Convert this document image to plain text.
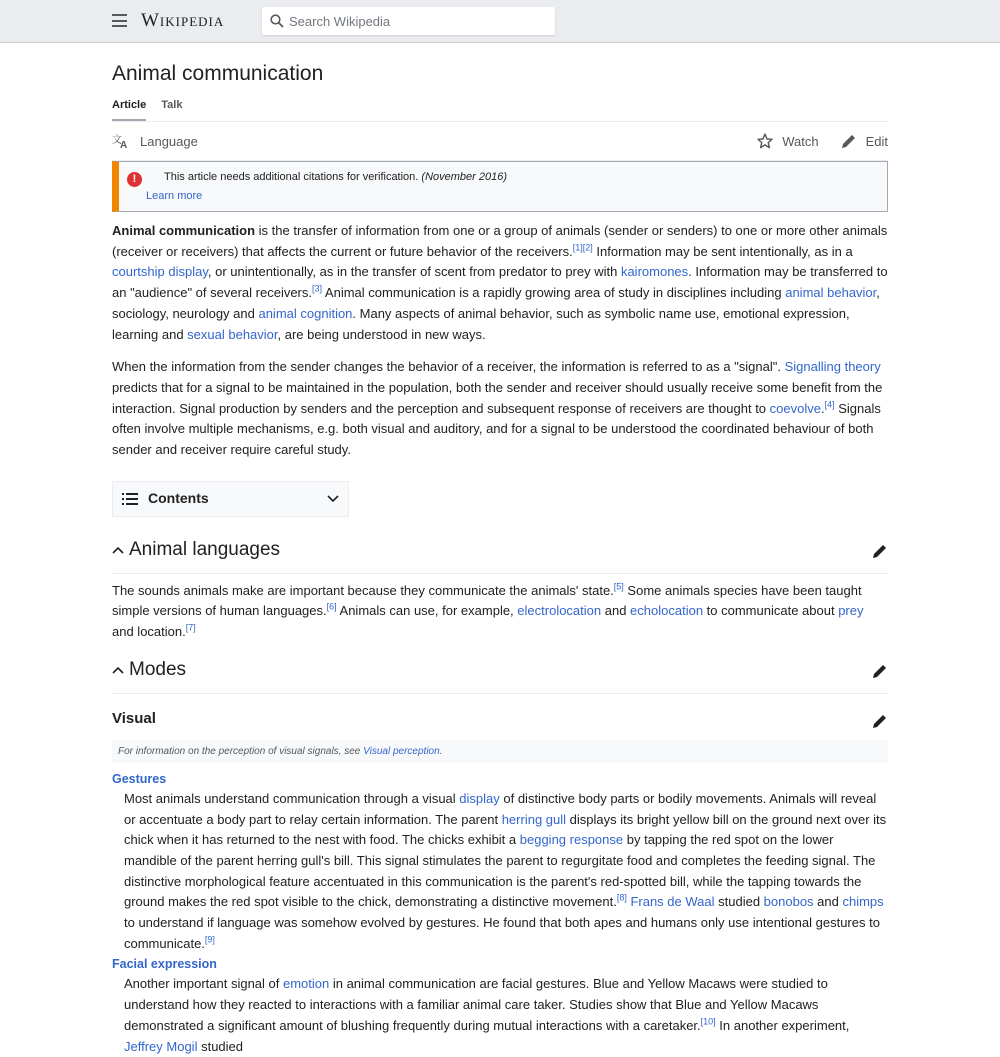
Wikipedia
Search Wikipedia
Animal communication
Article Talk
文
A Language	Watch	Edit
!	This article needs additional citations for verification. (November 2016)
Learn more

Animal communication is the transfer of information from one or a group of animals (sender or senders) to one or more other animals (receiver or receivers) that affects the current or future behavior of the receivers.[1][2] Information may be sent intentionally, as in a courtship display, or unintentionally, as in the transfer of scent from predator to prey with kairomones. Information may be transferred to an "audience" of several receivers.[3] Animal communication is a rapidly growing area of study in disciplines including animal behavior, sociology, neurology and animal cognition. Many aspects of animal behavior, such as symbolic name use, emotional expression, learning and sexual behavior, are being understood in new ways.

When the information from the sender changes the behavior of a receiver, the information is referred to as a "signal". Signalling theory predicts that for a signal to be maintained in the population, both the sender and receiver should usually receive some benefit from the interaction. Signal production by senders and the perception and subsequent response of receivers are thought to coevolve.[4] Signals often involve multiple mechanisms, e.g. both visual and auditory, and for a signal to be understood the coordinated behaviour of both sender and receiver require careful study.

Contents
Animal languages

The sounds animals make are important because they communicate the animals' state.[5] Some animals species have been taught simple versions of human languages.[6] Animals can use, for example, electrolocation and echolocation to communicate about prey and location.[7]

Modes
Visual
For information on the perception of visual signals, see Visual perception.
Gestures
Most animals understand communication through a visual display of distinctive body parts or bodily movements. Animals will reveal or accentuate a body part to relay certain information. The parent herring gull displays its bright yellow bill on the ground next over its chick when it has returned to the nest with food. The chicks exhibit a begging response by tapping the red spot on the lower mandible of the parent herring gull's bill. This signal stimulates the parent to regurgitate food and completes the feeding signal. The distinctive morphological feature accentuated in this communication is the parent's red-spotted bill, while the tapping towards the ground makes the red spot visible to the chick, demonstrating a distinctive movement.[8] Frans de Waal studied bonobos and chimps to understand if language was somehow evolved by gestures. He found that both apes and humans only use intentional gestures to communicate.[9]
Facial expression
Another important signal of emotion in animal communication are facial gestures. Blue and Yellow Macaws were studied to understand how they reacted to interactions with a familiar animal care taker. Studies show that Blue and Yellow Macaws demonstrated a significant amount of blushing frequently during mutual interactions with a caretaker.[10] In another experiment, Jeffrey Mogil studied
